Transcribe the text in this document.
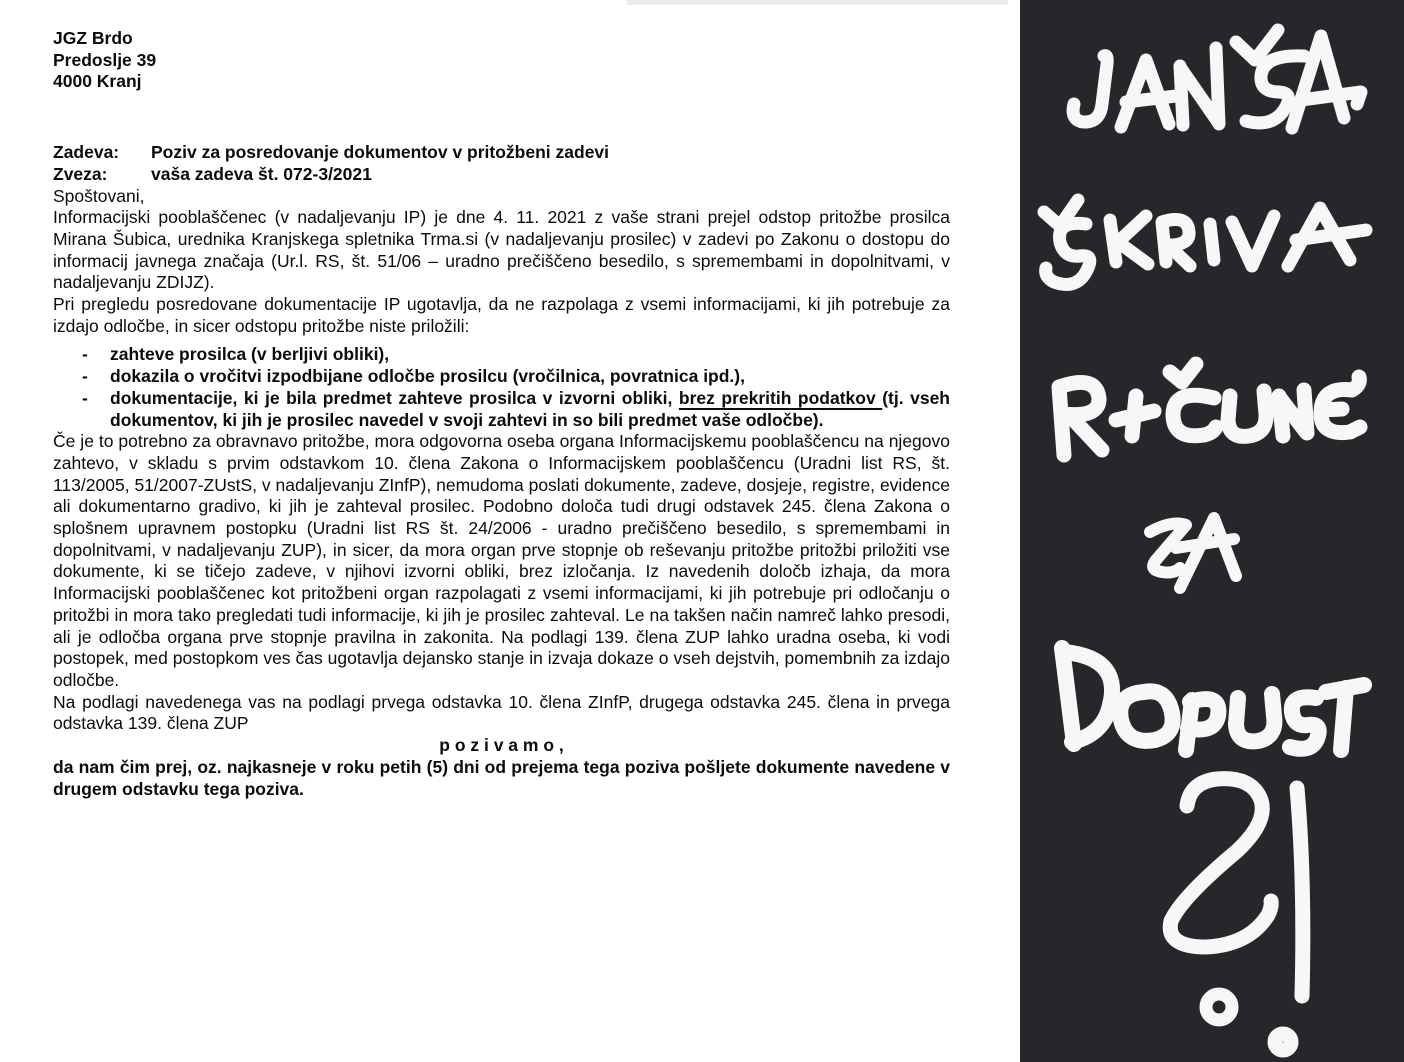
JGZ Brdo

Predoslje 39

4000 Kranj

Zadeva:	Poziv za posredovanje dokumentov v pritožbeni zadevi
Zveza:	vaša zadeva št. 072-3/2021

Spoštovani,

Informacijski pooblaščenec (v nadaljevanju IP) je dne 4. 11. 2021 z vaše strani prejel odstop pritožbe prosilca Mirana Šubica, urednika Kranjskega spletnika Trma.si (v nadaljevanju prosilec) v zadevi po Zakonu o dostopu do informacij javnega značaja (Ur.l. RS, št. 51/06 – uradno prečiščeno besedilo, s spremembami in dopolnitvami, v nadaljevanju ZDIJZ).

Pri pregledu posredovane dokumentacije IP ugotavlja, da ne razpolaga z vsemi informacijami, ki jih potrebuje za izdajo odločbe, in sicer odstopu pritožbe niste priložili:

-	zahteve prosilca (v berljivi obliki),
-	dokazila o vročitvi izpodbijane odločbe prosilcu (vročilnica, povratnica ipd.),
-	dokumentacije, ki je bila predmet zahteve prosilca v izvorni obliki, brez prekritih podatkov (tj. vseh dokumentov, ki jih je prosilec navedel v svoji zahtevi in so bili predmet vaše odločbe).

Če je to potrebno za obravnavo pritožbe, mora odgovorna oseba organa Informacijskemu pooblaščencu na njegovo zahtevo, v skladu s prvim odstavkom 10. člena Zakona o Informacijskem pooblaščencu (Uradni list RS, št. 113/2005, 51/2007-ZUstS, v nadaljevanju ZInfP), nemudoma poslati dokumente, zadeve, dosjeje, registre, evidence ali dokumentarno gradivo, ki jih je zahteval prosilec. Podobno določa tudi drugi odstavek 245. člena Zakona o splošnem upravnem postopku (Uradni list RS št. 24/2006 - uradno prečiščeno besedilo, s spremembami in dopolnitvami, v nadaljevanju ZUP), in sicer, da mora organ prve stopnje ob reševanju pritožbe pritožbi priložiti vse dokumente, ki se tičejo zadeve, v njihovi izvorni obliki, brez izločanja. Iz navedenih določb izhaja, da mora Informacijski pooblaščenec kot pritožbeni organ razpolagati z vsemi informacijami, ki jih potrebuje pri odločanju o pritožbi in mora tako pregledati tudi informacije, ki jih je prosilec zahteval. Le na takšen način namreč lahko presodi, ali je odločba organa prve stopnje pravilna in zakonita. Na podlagi 139. člena ZUP lahko uradna oseba, ki vodi postopek, med postopkom ves čas ugotavlja dejansko stanje in izvaja dokaze o vseh dejstvih, pomembnih za izdajo odločbe.

Na podlagi navedenega vas na podlagi prvega odstavka 10. člena ZInfP, drugega odstavka 245. člena in prvega odstavka 139. člena ZUP

p o z i v a m o ,

da nam čim prej, oz. najkasneje v roku petih (5) dni od prejema tega poziva pošljete dokumente navedene v drugem odstavku tega poziva.
